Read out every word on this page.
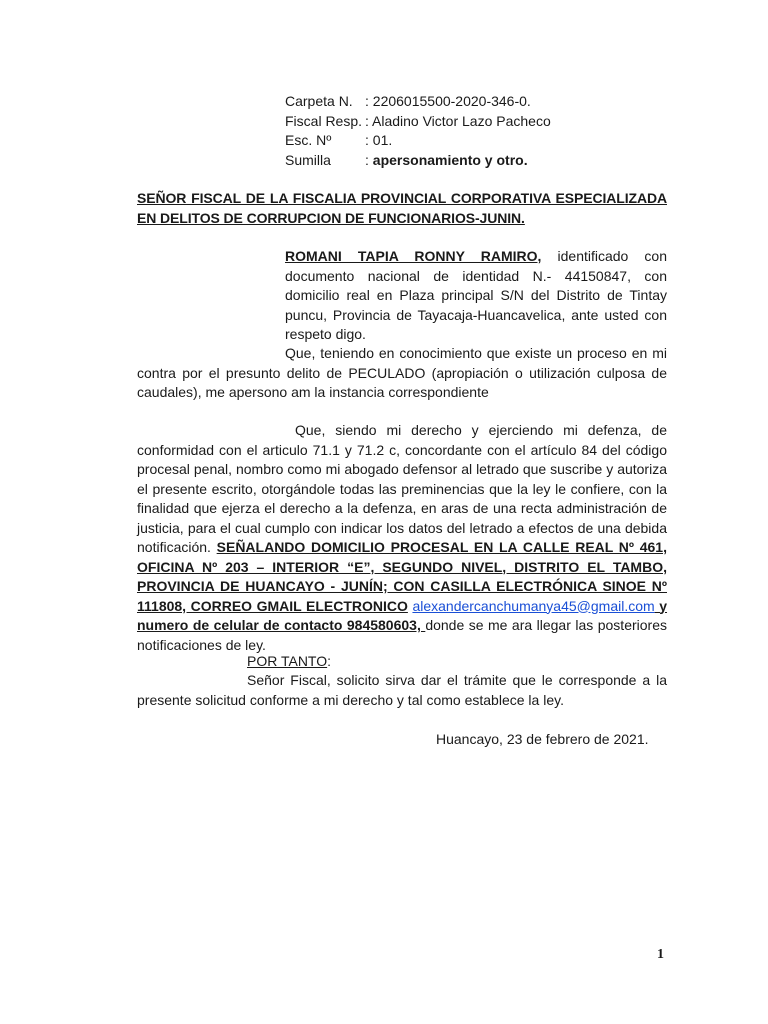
Carpeta N. : 2206015500-2020-346-0.
Fiscal Resp. : Aladino Victor Lazo Pacheco
Esc. Nº	: 01.
Sumilla	: apersonamiento y otro.
SEÑOR FISCAL DE LA FISCALIA PROVINCIAL CORPORATIVA ESPECIALIZADA EN DELITOS DE CORRUPCION DE FUNCIONARIOS-JUNIN.
ROMANI TAPIA RONNY RAMIRO, identificado con documento nacional de identidad N.- 44150847, con domicilio real en Plaza principal S/N del Distrito de Tintay puncu, Provincia de Tayacaja-Huancavelica, ante usted con respeto digo.
Que, teniendo en conocimiento que existe un proceso en mi contra por el presunto delito de PECULADO (apropiación o utilización culposa de caudales), me apersono am la instancia correspondiente
Que, siendo mi derecho y ejerciendo mi defenza, de conformidad con el articulo 71.1 y 71.2 c, concordante con el artículo 84 del código procesal penal, nombro como mi abogado defensor al letrado que suscribe y autoriza el presente escrito, otorgándole todas las preminencias que la ley le confiere, con la finalidad que ejerza el derecho a la defenza, en aras de una recta administración de justicia, para el cual cumplo con indicar los datos del letrado a efectos de una debida notificación. SEÑALANDO DOMICILIO PROCESAL EN LA CALLE REAL Nº 461, OFICINA Nº 203 – INTERIOR “E”, SEGUNDO NIVEL, DISTRITO EL TAMBO, PROVINCIA DE HUANCAYO - JUNÍN; CON CASILLA ELECTRÓNICA SINOE Nº 111808, CORREO GMAIL ELECTRONICO alexandercanchumanya45@gmail.com y numero de celular de contacto 984580603, donde se me ara llegar las posteriores notificaciones de ley.
POR TANTO:
Señor Fiscal, solicito sirva dar el trámite que le corresponde a la presente solicitud conforme a mi derecho y tal como establece la ley.
Huancayo, 23 de febrero de 2021.
1
